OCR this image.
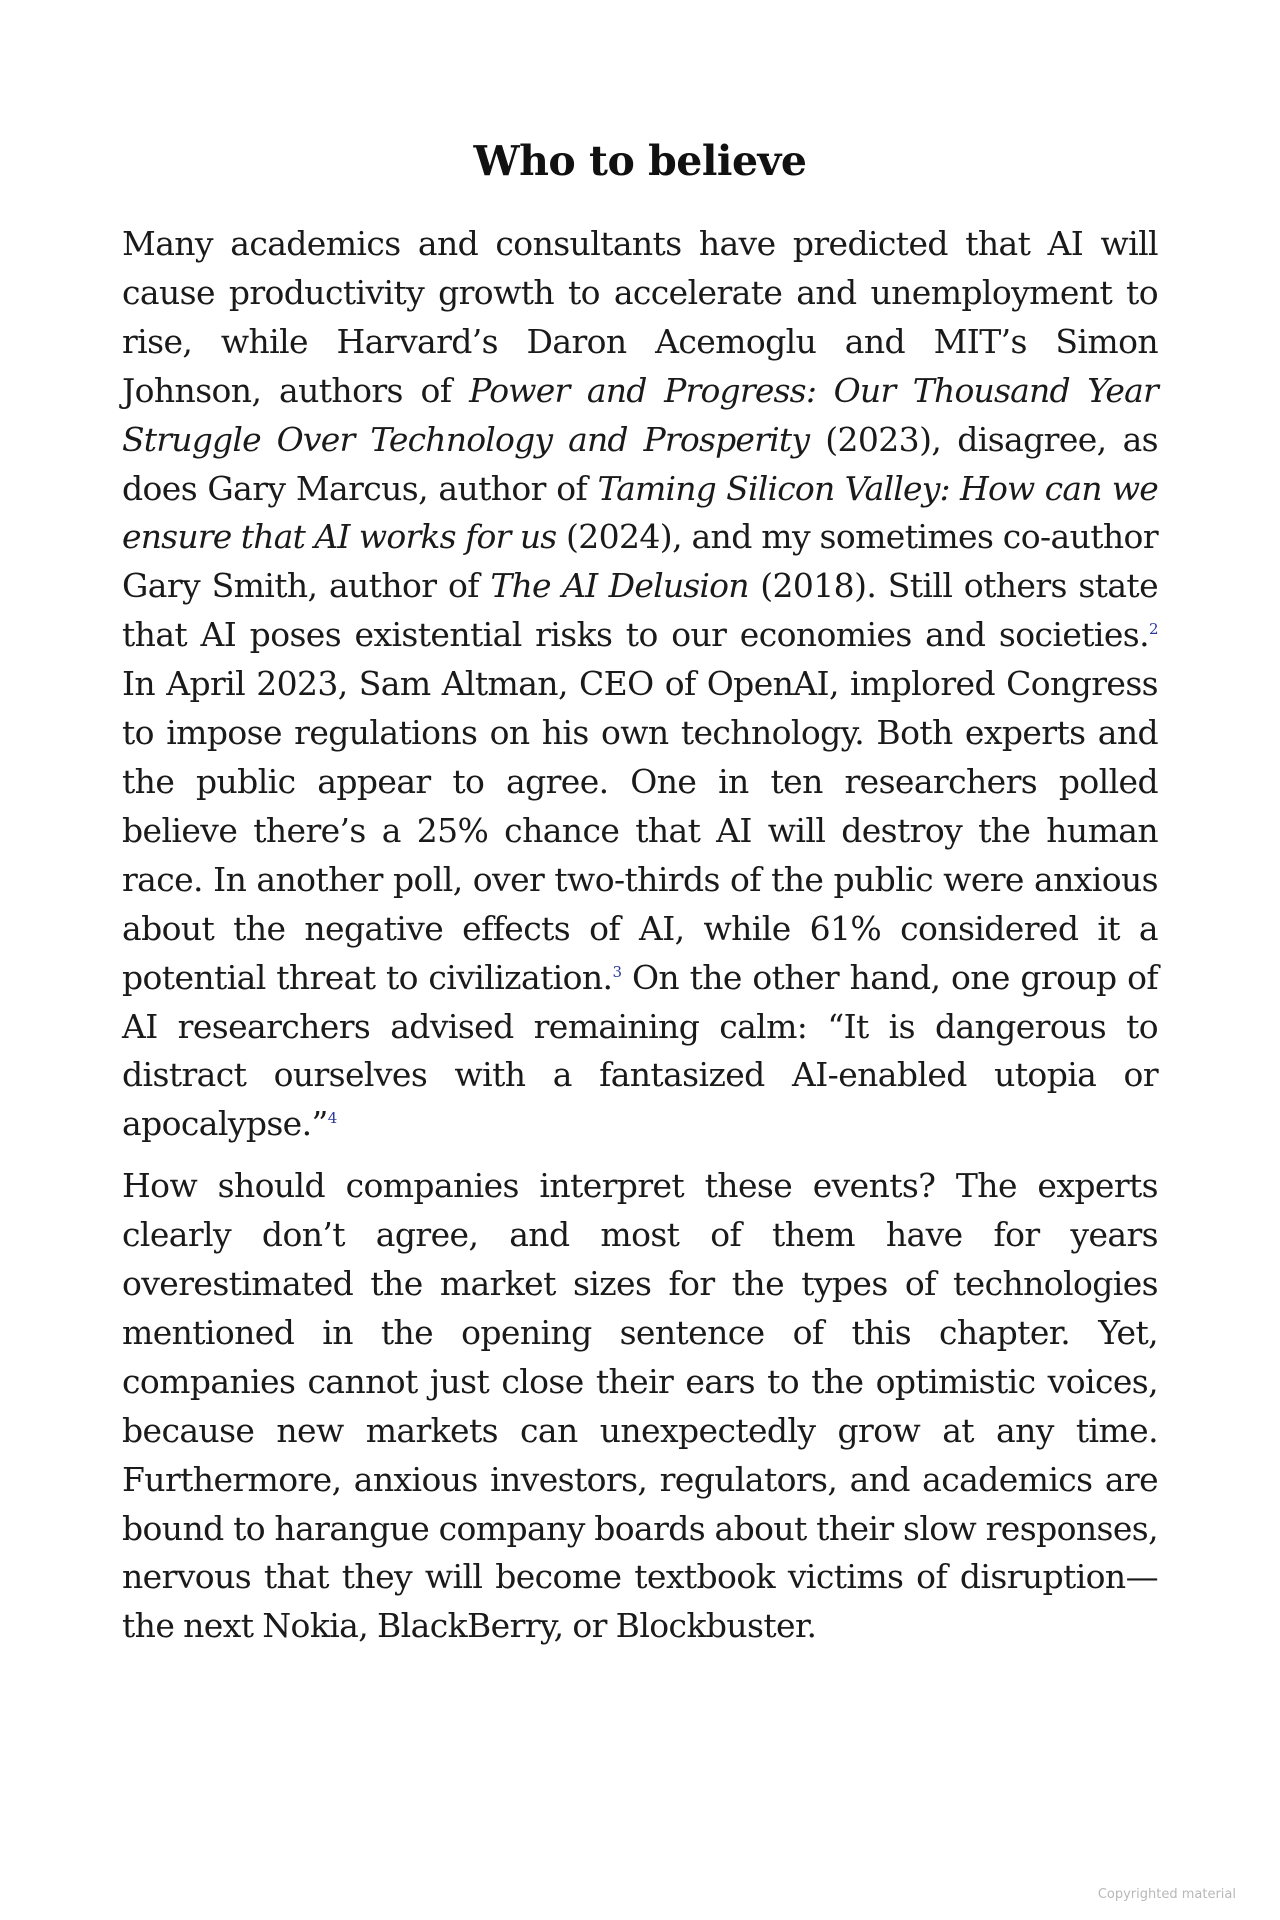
Who to believe

Many academics and consultants have predicted that AI will cause productivity growth to accelerate and unemployment to rise, while Harvard’s Daron Acemoglu and MIT’s Simon Johnson, authors of Power and Progress: Our Thousand Year Struggle Over Technology and Prosperity (2023), disagree, as does Gary Marcus, author of Taming Silicon Valley: How can we ensure that AI works for us (2024), and my sometimes co-author Gary Smith, author of The AI Delusion (2018). Still others state that AI poses existential risks to our economies and societies.$^2$ In April 2023, Sam Altman, CEO of OpenAI, implored Congress to impose regulations on his own technology. Both experts and the public appear to agree. One in ten researchers polled believe there’s a 25% chance that AI will destroy the human race. In another poll, over two-thirds of the public were anxious about the negative effects of AI, while 61% considered it a potential threat to civilization.$^3$ On the other hand, one group of AI researchers advised remaining calm: “It is dangerous to distract ourselves with a fantasized AI-enabled utopia or apocalypse.”$^4$

How should companies interpret these events? The experts clearly don’t agree, and most of them have for years overestimated the market sizes for the types of technologies mentioned in the opening sentence of this chapter. Yet, companies cannot just close their ears to the optimistic voices, because new markets can unexpectedly grow at any time. Furthermore, anxious investors, regulators, and academics are bound to harangue company boards about their slow responses, nervous that they will become textbook victims of disruption—the next Nokia, BlackBerry, or Blockbuster.

Copyrighted material
